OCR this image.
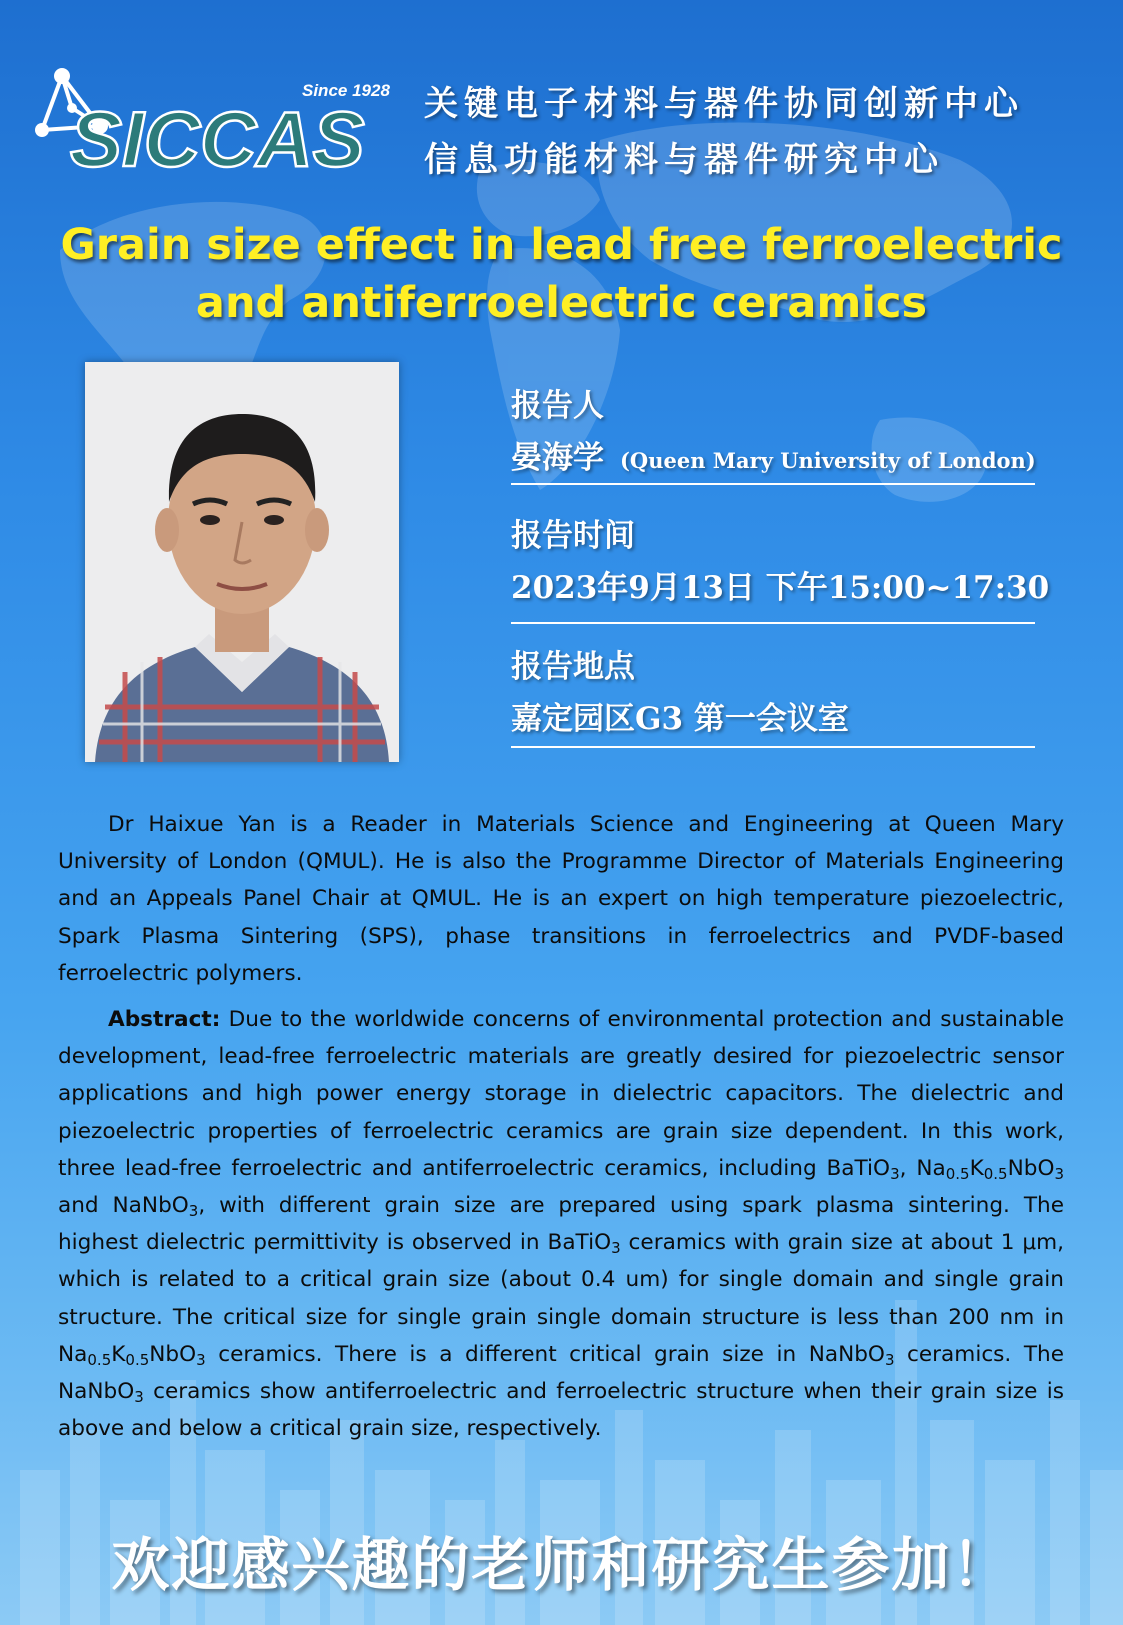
Since 1928
SICCAS 关键电子材料与器件协同创新中心
信息功能材料与器件研究中心
Grain size effect in lead free ferroelectric
and antiferroelectric ceramics
报告人
晏海学 (Queen Mary University of London)
报告时间
2023年9月13日 下午15:00~17:30
报告地点
嘉定园区G3 第一会议室
Dr Haixue Yan is a Reader in Materials Science and Engineering at Queen Mary University of London (QMUL). He is also the Programme Director of Materials Engineering and an Appeals Panel Chair at QMUL. He is an expert on high temperature piezoelectric, Spark Plasma Sintering (SPS), phase transitions in ferroelectrics and PVDF-based ferroelectric polymers.
Abstract: Due to the worldwide concerns of environmental protection and sustainable development, lead-free ferroelectric materials are greatly desired for piezoelectric sensor applications and high power energy storage in dielectric capacitors. The dielectric and piezoelectric properties of ferroelectric ceramics are grain size dependent. In this work, three lead-free ferroelectric and antiferroelectric ceramics, including BaTiO$_3$, $Na_{0.5}K_{0.5}NbO_3$ and NaNbO$_3$, with different grain size are prepared using spark plasma sintering. The highest dielectric permittivity is observed in BaTiO$_3$ ceramics with grain size at about 1 μm, which is related to a critical grain size (about 0.4 um) for single domain and single grain structure. The critical size for single grain single domain structure is less than 200 nm in $Na_{0.5}K_{0.5}NbO_3$ ceramics. There is a different critical grain size in NaNbO$_3$ ceramics. The NaNbO$_3$ ceramics show antiferroelectric and ferroelectric structure when their grain size is above and below a critical grain size, respectively.
欢迎感兴趣的老师和研究生参加！
